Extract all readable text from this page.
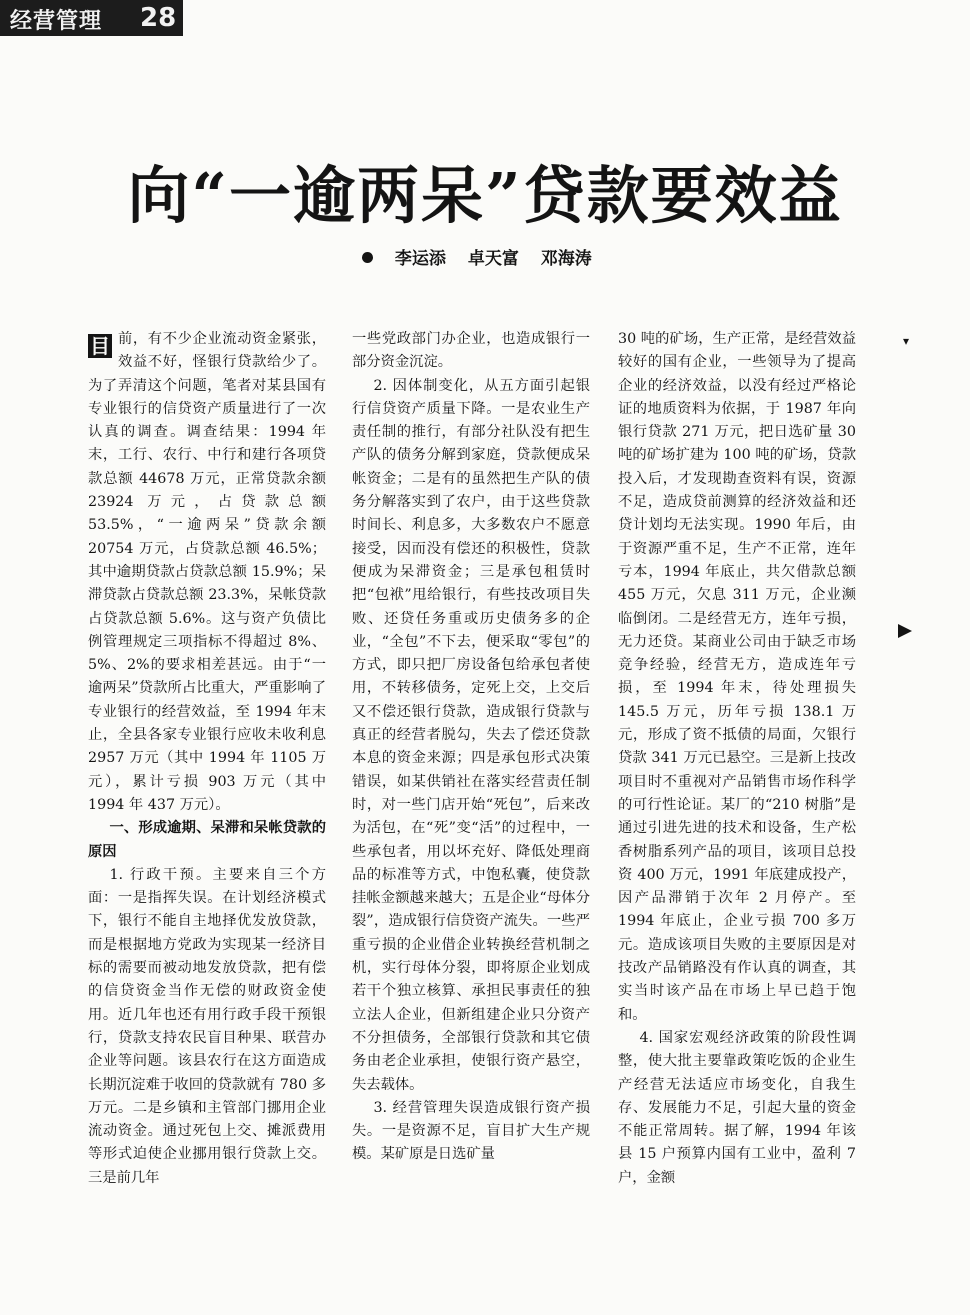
经营管理 28
向“一逾两呆”贷款要效益
李运添 卓天富 邓海涛

目 前，有不少企业流动资金紧张，效益不好，怪银行贷款给少了。为了弄清这个问题，笔者对某县国有专业银行的信贷资产质量进行了一次认真的调查。调查结果：1994 年末，工行、农行、中行和建行各项贷款总额 44678 万元，正常贷款余额 23924 万元，占贷款总额 53.5%，“一逾两呆”贷款余额 20754 万元，占贷款总额 46.5%；其中逾期贷款占贷款总额 15.9%；呆滞贷款占贷款总额 23.3%，呆帐贷款占贷款总额 5.6%。这与资产负债比例管理规定三项指标不得超过 8%、5%、2%的要求相差甚远。由于“一逾两呆”贷款所占比重大，严重影响了专业银行的经营效益，至 1994 年末止，全县各家专业银行应收未收利息 2957 万元（其中 1994 年 1105 万元），累计亏损 903 万元（其中 1994 年 437 万元）。

一、形成逾期、呆滞和呆帐贷款的原因

1. 行政干预。主要来自三个方面：一是指挥失误。在计划经济模式下，银行不能自主地择优发放贷款，而是根据地方党政为实现某一经济目标的需要而被动地发放贷款，把有偿的信贷资金当作无偿的财政资金使用。近几年也还有用行政手段干预银行，贷款支持农民盲目种果、联营办企业等问题。该县农行在这方面造成长期沉淀难于收回的贷款就有 780 多万元。二是乡镇和主管部门挪用企业流动资金。通过死包上交、摊派费用等形式迫使企业挪用银行贷款上交。三是前几年

一些党政部门办企业，也造成银行一部分资金沉淀。

2. 因体制变化，从五方面引起银行信贷资产质量下降。一是农业生产责任制的推行，有部分社队没有把生产队的债务分解到家庭，贷款便成呆帐资金；二是有的虽然把生产队的债务分解落实到了农户，由于这些贷款时间长、利息多，大多数农户不愿意接受，因而没有偿还的积极性，贷款便成为呆滞资金；三是承包租赁时把“包袱”甩给银行，有些技改项目失败、还贷任务重或历史债务多的企业，“全包”不下去，便采取“零包”的方式，即只把厂房设备包给承包者使用，不转移债务，定死上交，上交后又不偿还银行贷款，造成银行贷款与真正的经营者脱勾，失去了偿还贷款本息的资金来源；四是承包形式决策错误，如某供销社在落实经营责任制时，对一些门店开始“死包”，后来改为活包，在“死”变“活”的过程中，一些承包者，用以坏充好、降低处理商品的标准等方式，中饱私囊，使贷款挂帐金额越来越大；五是企业“母体分裂”，造成银行信贷资产流失。一些严重亏损的企业借企业转换经营机制之机，实行母体分裂，即将原企业划成若干个独立核算、承担民事责任的独立法人企业，但新组建企业只分资产不分担债务，全部银行贷款和其它债务由老企业承担，使银行资产悬空，失去载体。

3. 经营管理失误造成银行资产损失。一是资源不足，盲目扩大生产规模。某矿原是日选矿量

30 吨的矿场，生产正常，是经营效益较好的国有企业，一些领导为了提高企业的经济效益，以没有经过严格论证的地质资料为依据，于 1987 年向银行贷款 271 万元，把日选矿量 30 吨的矿场扩建为 100 吨的矿场，贷款投入后，才发现勘查资料有误，资源不足，造成贷前测算的经济效益和还贷计划均无法实现。1990 年后，由于资源严重不足，生产不正常，连年亏本，1994 年底止，共欠借款总额 455 万元，欠息 311 万元，企业濒临倒闭。二是经营无方，连年亏损，无力还贷。某商业公司由于缺乏市场竞争经验，经营无方，造成连年亏损，至 1994 年末，待处理损失 145.5 万元，历年亏损 138.1 万元，形成了资不抵债的局面，欠银行贷款 341 万元已悬空。三是新上技改项目时不重视对产品销售市场作科学的可行性论证。某厂的“210 树脂”是通过引进先进的技术和设备，生产松香树脂系列产品的项目，该项目总投资 400 万元，1991 年底建成投产，因产品滞销于次年 2 月停产。至 1994 年底止，企业亏损 700 多万元。造成该项目失败的主要原因是对技改产品销路没有作认真的调查，其实当时该产品在市场上早已趋于饱和。

4. 国家宏观经济政策的阶段性调整，使大批主要靠政策吃饭的企业生产经营无法适应市场变化，自我生存、发展能力不足，引起大量的资金不能正常周转。据了解，1994 年该县 15 户预算内国有工业中，盈利 7 户，金额

▾
